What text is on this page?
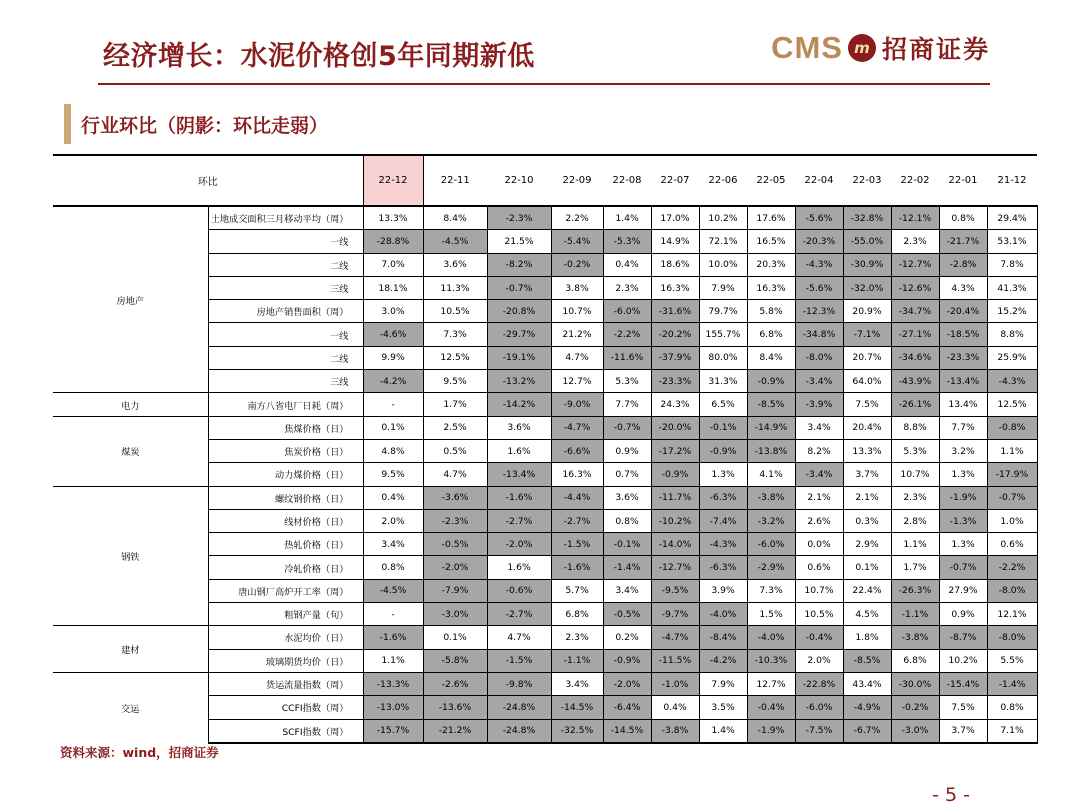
经济增长：水泥价格创5年同期新低	CMS m 招商证券
行业环比（阴影：环比走弱）
环比		22-12	22-11	22-10	22-09	22-08	22-07	22-06	22-05	22-04	22-03	22-02	22-01	21-12
房地产	土地成交面积三月移动平均（周）	13.3%	8.4%	-2.3%	2.2%	1.4%	17.0%	10.2%	17.6%	-5.6%	-32.8%	-12.1%	0.8%	29.4%
	一线	-28.8%	-4.5%	21.5%	-5.4%	-5.3%	14.9%	72.1%	16.5%	-20.3%	-55.0%	2.3%	-21.7%	53.1%
	二线	7.0%	3.6%	-8.2%	-0.2%	0.4%	18.6%	10.0%	20.3%	-4.3%	-30.9%	-12.7%	-2.8%	7.8%
	三线	18.1%	11.3%	-0.7%	3.8%	2.3%	16.3%	7.9%	16.3%	-5.6%	-32.0%	-12.6%	4.3%	41.3%
	房地产销售面积（周）	3.0%	10.5%	-20.8%	10.7%	-6.0%	-31.6%	79.7%	5.8%	-12.3%	20.9%	-34.7%	-20.4%	15.2%
	一线	-4.6%	7.3%	-29.7%	21.2%	-2.2%	-20.2%	155.7%	6.8%	-34.8%	-7.1%	-27.1%	-18.5%	8.8%
	二线	9.9%	12.5%	-19.1%	4.7%	-11.6%	-37.9%	80.0%	8.4%	-8.0%	20.7%	-34.6%	-23.3%	25.9%
	三线	-4.2%	9.5%	-13.2%	12.7%	5.3%	-23.3%	31.3%	-0.9%	-3.4%	64.0%	-43.9%	-13.4%	-4.3%
电力	南方八省电厂日耗（周）	-	1.7%	-14.2%	-9.0%	7.7%	24.3%	6.5%	-8.5%	-3.9%	7.5%	-26.1%	13.4%	12.5%
煤炭	焦煤价格（日）	0.1%	2.5%	3.6%	-4.7%	-0.7%	-20.0%	-0.1%	-14.9%	3.4%	20.4%	8.8%	7.7%	-0.8%
	焦炭价格（日）	4.8%	0.5%	1.6%	-6.6%	0.9%	-17.2%	-0.9%	-13.8%	8.2%	13.3%	5.3%	3.2%	1.1%
	动力煤价格（日）	9.5%	4.7%	-13.4%	16.3%	0.7%	-0.9%	1.3%	4.1%	-3.4%	3.7%	10.7%	1.3%	-17.9%
钢铁	螺纹钢价格（日）	0.4%	-3.6%	-1.6%	-4.4%	3.6%	-11.7%	-6.3%	-3.8%	2.1%	2.1%	2.3%	-1.9%	-0.7%
	线材价格（日）	2.0%	-2.3%	-2.7%	-2.7%	0.8%	-10.2%	-7.4%	-3.2%	2.6%	0.3%	2.8%	-1.3%	1.0%
	热轧价格（日）	3.4%	-0.5%	-2.0%	-1.5%	-0.1%	-14.0%	-4.3%	-6.0%	0.0%	2.9%	1.1%	1.3%	0.6%
	冷轧价格（日）	0.8%	-2.0%	1.6%	-1.6%	-1.4%	-12.7%	-6.3%	-2.9%	0.6%	0.1%	1.7%	-0.7%	-2.2%
	唐山钢厂高炉开工率（周）	-4.5%	-7.9%	-0.6%	5.7%	3.4%	-9.5%	3.9%	7.3%	10.7%	22.4%	-26.3%	27.9%	-8.0%
	粗钢产量（旬）	-	-3.0%	-2.7%	6.8%	-0.5%	-9.7%	-4.0%	1.5%	10.5%	4.5%	-1.1%	0.9%	12.1%
建材	水泥均价（日）	-1.6%	0.1%	4.7%	2.3%	0.2%	-4.7%	-8.4%	-4.0%	-0.4%	1.8%	-3.8%	-8.7%	-8.0%
	玻璃期货均价（日）	1.1%	-5.8%	-1.5%	-1.1%	-0.9%	-11.5%	-4.2%	-10.3%	2.0%	-8.5%	6.8%	10.2%	5.5%
交运	货运流量指数（周）	-13.3%	-2.6%	-9.8%	3.4%	-2.0%	-1.0%	7.9%	12.7%	-22.8%	43.4%	-30.0%	-15.4%	-1.4%
	CCFI指数（周）	-13.0%	-13.6%	-24.8%	-14.5%	-6.4%	0.4%	3.5%	-0.4%	-6.0%	-4.9%	-0.2%	7.5%	0.8%
	SCFI指数（周）	-15.7%	-21.2%	-24.8%	-32.5%	-14.5%	-3.8%	1.4%	-1.9%	-7.5%	-6.7%	-3.0%	3.7%	7.1%
资料来源：wind，招商证券
- 5 -
